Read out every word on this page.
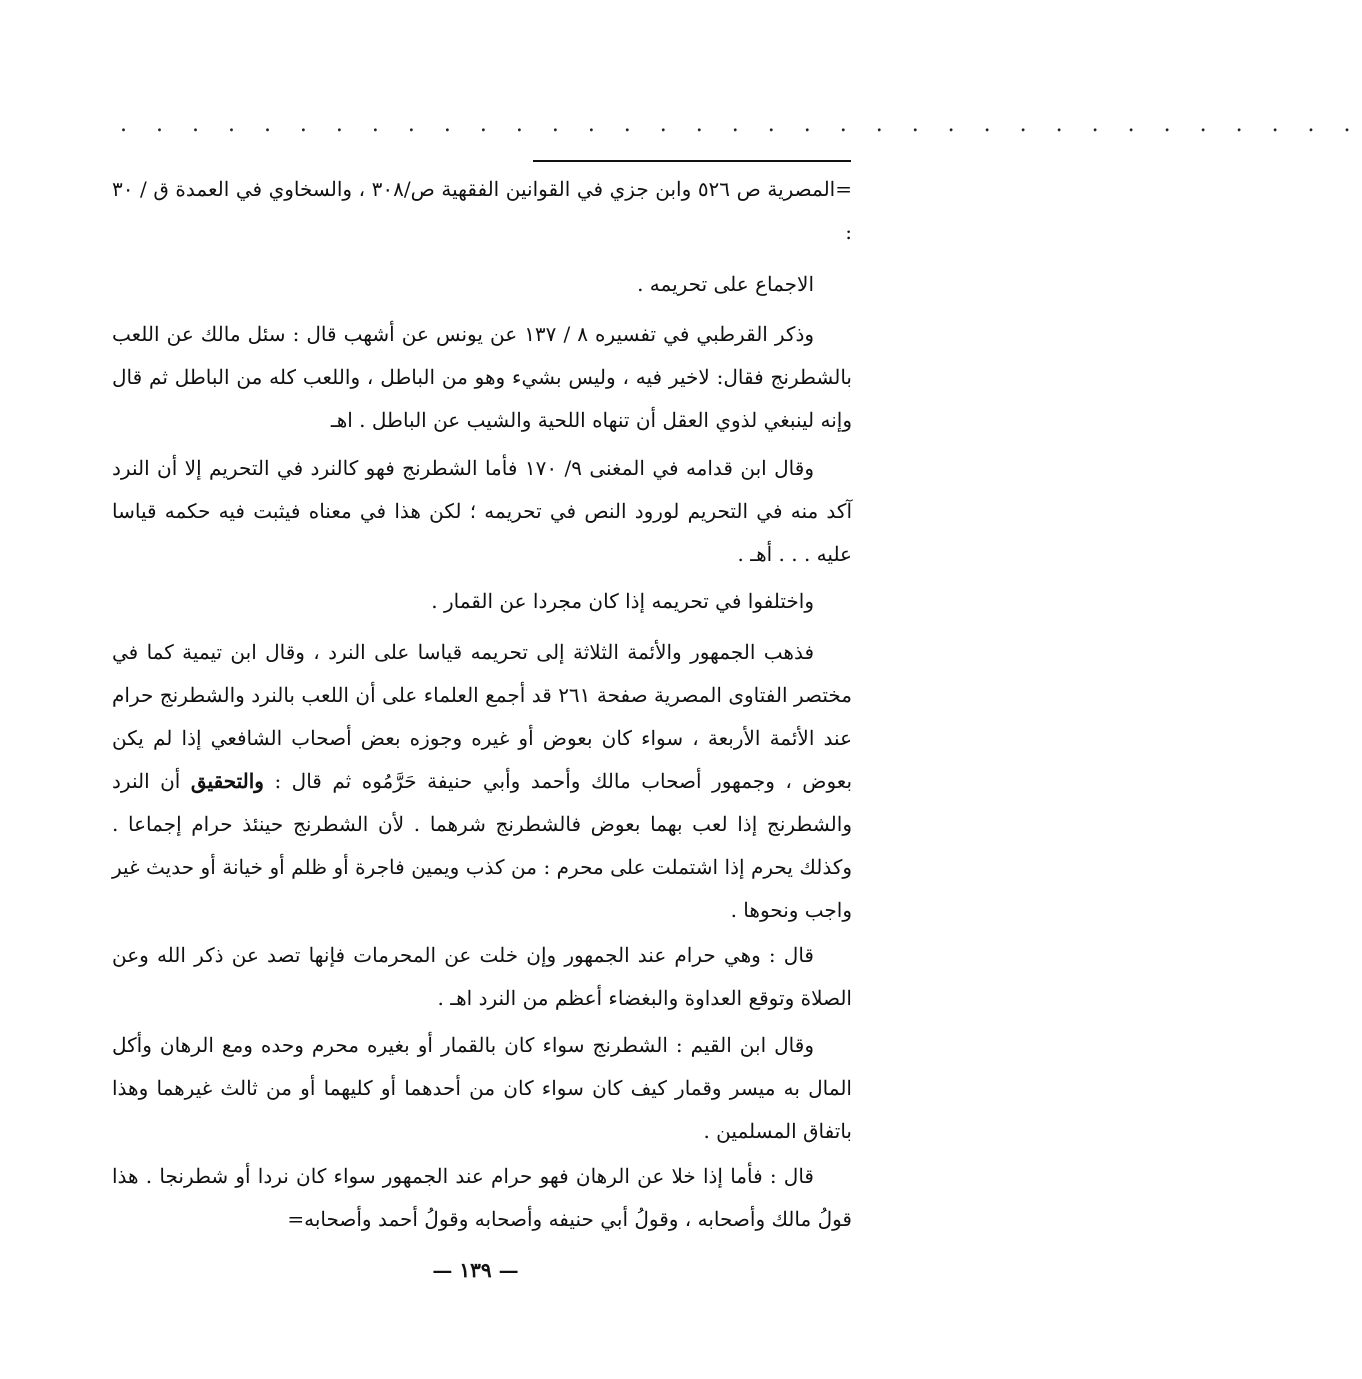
. . . . . . . . . . . . . . . . . . . . . . . . . . . . . . . . . . .

=المصرية ص ٥٢٦ وابن جزي في القوانين الفقهية ص/٣٠٨ ، والسخاوي في العمدة ق / ٣٠ :

الاجماع على تحريمه .

وذكر القرطبي في تفسيره ٨ / ١٣٧ عن يونس عن أشهب قال : سئل مالك عن اللعب بالشطرنج فقال: لاخير فيه ، وليس بشيء وهو من الباطل ، واللعب كله من الباطل ثم قال وإنه لينبغي لذوي العقل أن تنهاه اللحية والشيب عن الباطل . اهـ

وقال ابن قدامه في المغنى ٩/ ١٧٠ فأما الشطرنج فهو كالنرد في التحريم إلا أن النرد آكد منه في التحريم لورود النص في تحريمه ؛ لكن هذا في معناه فيثبت فيه حكمه قياسا عليه . . . أهـ .

واختلفوا في تحريمه إذا كان مجردا عن القمار .

فذهب الجمهور والأئمة الثلاثة إلى تحريمه قياسا على النرد ، وقال ابن تيمية كما في مختصر الفتاوى المصرية صفحة ٢٦١ قد أجمع العلماء على أن اللعب بالنرد والشطرنج حرام عند الأئمة الأربعة ، سواء كان بعوض أو غيره وجوزه بعض أصحاب الشافعي إذا لم يكن بعوض ، وجمهور أصحاب مالك وأحمد وأبي حنيفة حَرَّمُوه ثم قال : والتحقيق أن النرد والشطرنج إذا لعب بهما بعوض فالشطرنج شرهما . لأن الشطرنج حينئذ حرام إجماعا . وكذلك يحرم إذا اشتملت على محرم : من كذب ويمين فاجرة أو ظلم أو خيانة أو حديث غير واجب ونحوها .

قال : وهي حرام عند الجمهور وإن خلت عن المحرمات فإنها تصد عن ذكر الله وعن الصلاة وتوقع العداوة والبغضاء أعظم من النرد اهـ .

وقال ابن القيم : الشطرنج سواء كان بالقمار أو بغيره محرم وحده ومع الرهان وأكل المال به ميسر وقمار كيف كان سواء كان من أحدهما أو كليهما أو من ثالث غيرهما وهذا باتفاق المسلمين .

قال : فأما إذا خلا عن الرهان فهو حرام عند الجمهور سواء كان نردا أو شطرنجا . هذا قولُ مالك وأصحابه ، وقولُ أبي حنيفه وأصحابه وقولُ أحمد وأصحابه=

— ١٣٩ —
